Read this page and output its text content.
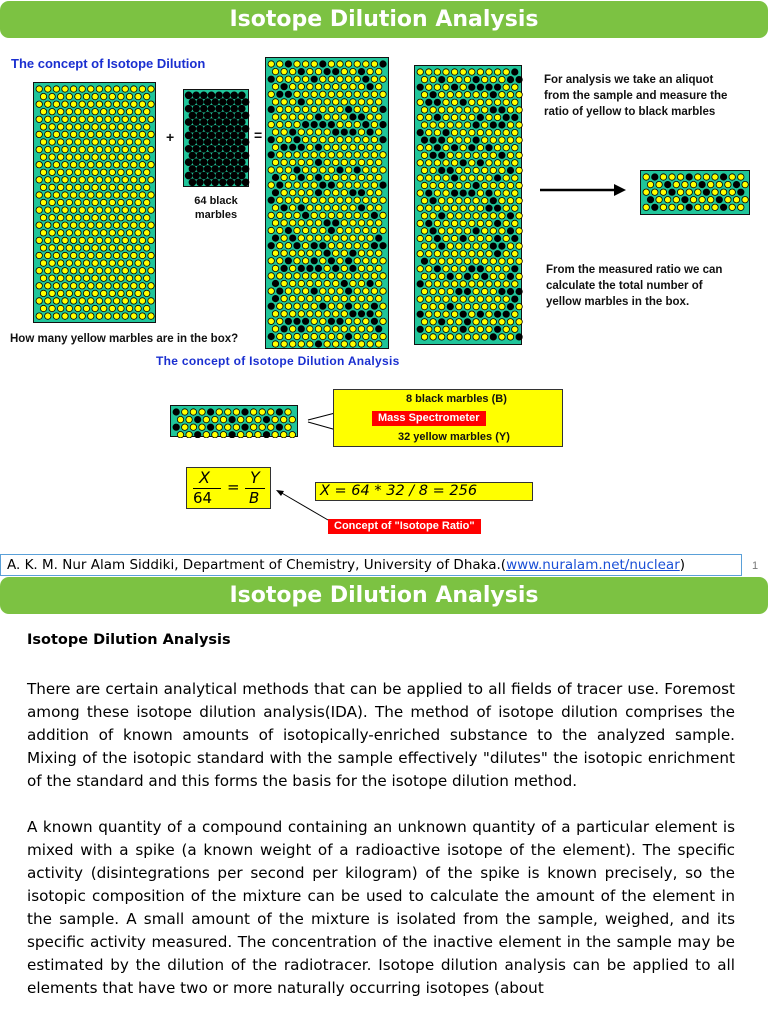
Isotope Dilution Analysis
The concept of Isotope Dilution
+
64 black
marbles
=
For analysis we take an aliquot
from the sample and measure the
ratio of yellow to black marbles
From the measured ratio we can
calculate the total number of
yellow marbles in the box.
How many yellow marbles are in the box?
The concept of Isotope Dilution Analysis
8 black marbles (B)
32 yellow marbles (Y)
Mass Spectrometer
X
64
= Y
B	X = 64 * 32 / 8 = 256
Concept of "Isotope Ratio"
A. K. M. Nur Alam Siddiki, Department of Chemistry, University of Dhaka.(www.nuralam.net/nuclear)	1
Isotope Dilution Analysis
Isotope Dilution Analysis

There are certain analytical methods that can be applied to all fields of tracer use. Foremost among these isotope dilution analysis(IDA). The method of isotope dilution comprises the addition of known amounts of isotopically-enriched substance to the analyzed sample. Mixing of the isotopic standard with the sample effectively "dilutes" the isotopic enrichment of the standard and this forms the basis for the isotope dilution method.

A known quantity of a compound containing an unknown quantity of a particular element is mixed with a spike (a known weight of a radioactive isotope of the element). The specific activity (disintegrations per second per kilogram) of the spike is known precisely, so the isotopic composition of the mixture can be used to calculate the amount of the element in the sample. A small amount of the mixture is isolated from the sample, weighed, and its specific activity measured. The concentration of the inactive element in the sample may be estimated by the dilution of the radiotracer. Isotope dilution analysis can be applied to all elements that have two or more naturally occurring isotopes (about
